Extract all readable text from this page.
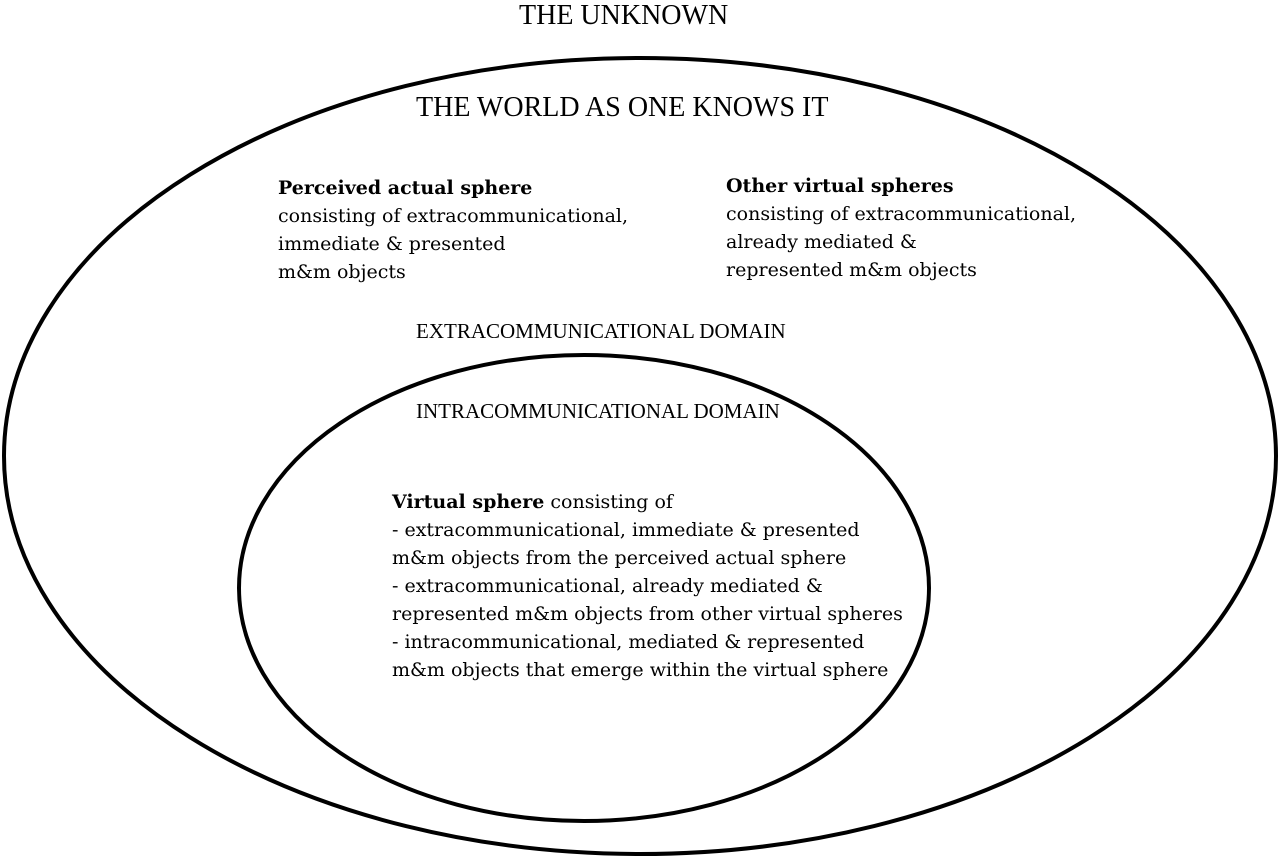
THE UNKNOWN
THE WORLD AS ONE KNOWS IT
Perceived actual sphere
consisting of extracommunicational,
immediate & presented
m&m objects
Other virtual spheres
consisting of extracommunicational,
already mediated &
represented m&m objects
EXTRACOMMUNICATIONAL DOMAIN
INTRACOMMUNICATIONAL DOMAIN
Virtual sphere consisting of
- extracommunicational, immediate & presented
m&m objects from the perceived actual sphere
- extracommunicational, already mediated &
represented m&m objects from other virtual spheres
- intracommunicational, mediated & represented
m&m objects that emerge within the virtual sphere
